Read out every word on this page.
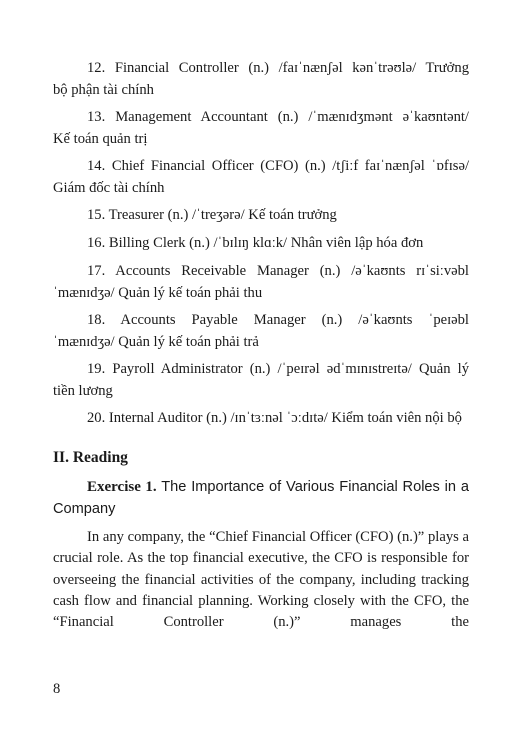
12. Financial Controller (n.) /faɪˈnænʃəl kənˈtrəʊlə/ Trưởng
bộ phận tài chính

13. Management Accountant (n.) /ˈmænɪdʒmənt əˈkaʊntənt/
Kế toán quản trị

14. Chief Financial Officer (CFO) (n.) /tʃiːf faɪˈnænʃəl ˈɒfɪsə/
Giám đốc tài chính

15. Treasurer (n.) /ˈtreʒərə/ Kế toán trưởng

16. Billing Clerk (n.) /ˈbɪlɪŋ klɑːk/ Nhân viên lập hóa đơn

17. Accounts Receivable Manager (n.) /əˈkaʊnts rɪˈsiːvəbl
ˈmænɪdʒə/ Quản lý kế toán phải thu

18. Accounts Payable Manager (n.) /əˈkaʊnts ˈpeɪəbl
ˈmænɪdʒə/ Quản lý kế toán phải trả

19. Payroll Administrator (n.) /ˈpeɪrəl ədˈmɪnɪstreɪtə/ Quản lý
tiền lương

20. Internal Auditor (n.) /ɪnˈtɜːnəl ˈɔːdɪtə/ Kiểm toán viên nội bộ

II. Reading

Exercise 1. The Importance of Various Financial Roles in a Company

In any company, the “Chief Financial Officer (CFO) (n.)” plays a crucial role. As the top financial executive, the CFO is responsible for overseeing the financial activities of the company, including tracking cash flow and financial planning. Working closely with the CFO, the “Financial Controller (n.)” manages the

8
